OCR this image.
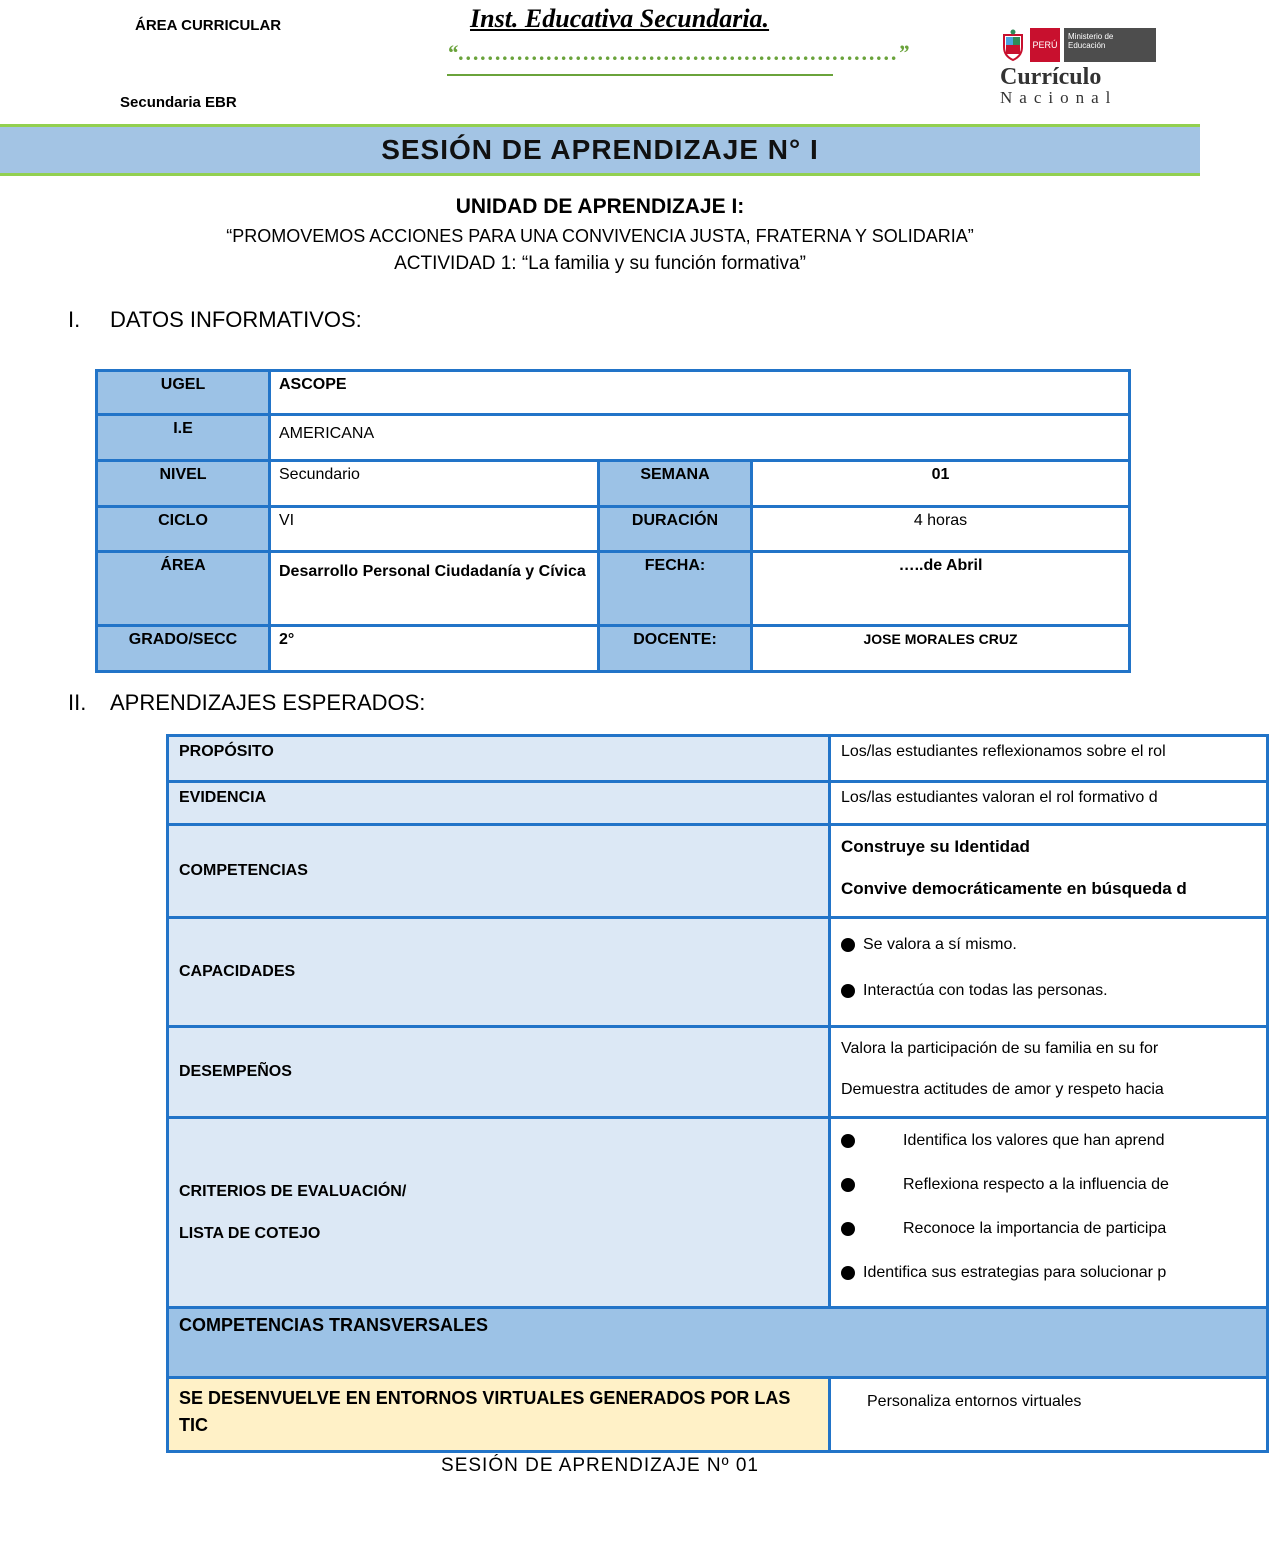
ÁREA CURRICULAR
Secundaria EBR
Inst. Educativa Secundaria.
“……………………………………………………”	PERÚ
Ministerio de Educación
Currículo
Nacional
SESIÓN DE APRENDIZAJE N° I
UNIDAD DE APRENDIZAJE I:
“PROMOVEMOS ACCIONES PARA UNA CONVIVENCIA JUSTA, FRATERNA Y SOLIDARIA”
ACTIVIDAD 1: “La familia y su función formativa”
I. DATOS INFORMATIVOS:
UGEL	ASCOPE		
I.E	AMERICANA		
NIVEL	Secundario	SEMANA	01
CICLO	VI	DURACIÓN	4 horas
ÁREA	Desarrollo Personal Ciudadanía y Cívica	FECHA:	…..de Abril
GRADO/SECC	2°	DOCENTE:	JOSE MORALES CRUZ
II. APRENDIZAJES ESPERADOS:
PROPÓSITO	Los/las estudiantes reflexionamos sobre el rol
EVIDENCIA	Los/las estudiantes valoran el rol formativo d
COMPETENCIAS	Construye su Identidad
Convive democráticamente en búsqueda d

CAPACIDADES	Se valora a sí mismo.
Interactúa con todas las personas.

DESEMPEÑOS	Valora la participación de su familia en su for
Demuestra actitudes de amor y respeto hacia

CRITERIOS DE EVALUACIÓN/
LISTA DE COTEJO	Identifica los valores que han aprend
Reflexiona respecto a la influencia de
Reconoce la importancia de participa
Identifica sus estrategias para solucionar p

COMPETENCIAS TRANSVERSALES	
SE DESENVUELVE EN ENTORNOS VIRTUALES GENERADOS POR LAS TIC	Personaliza entornos virtuales
SESIÓN DE APRENDIZAJE Nº 01
